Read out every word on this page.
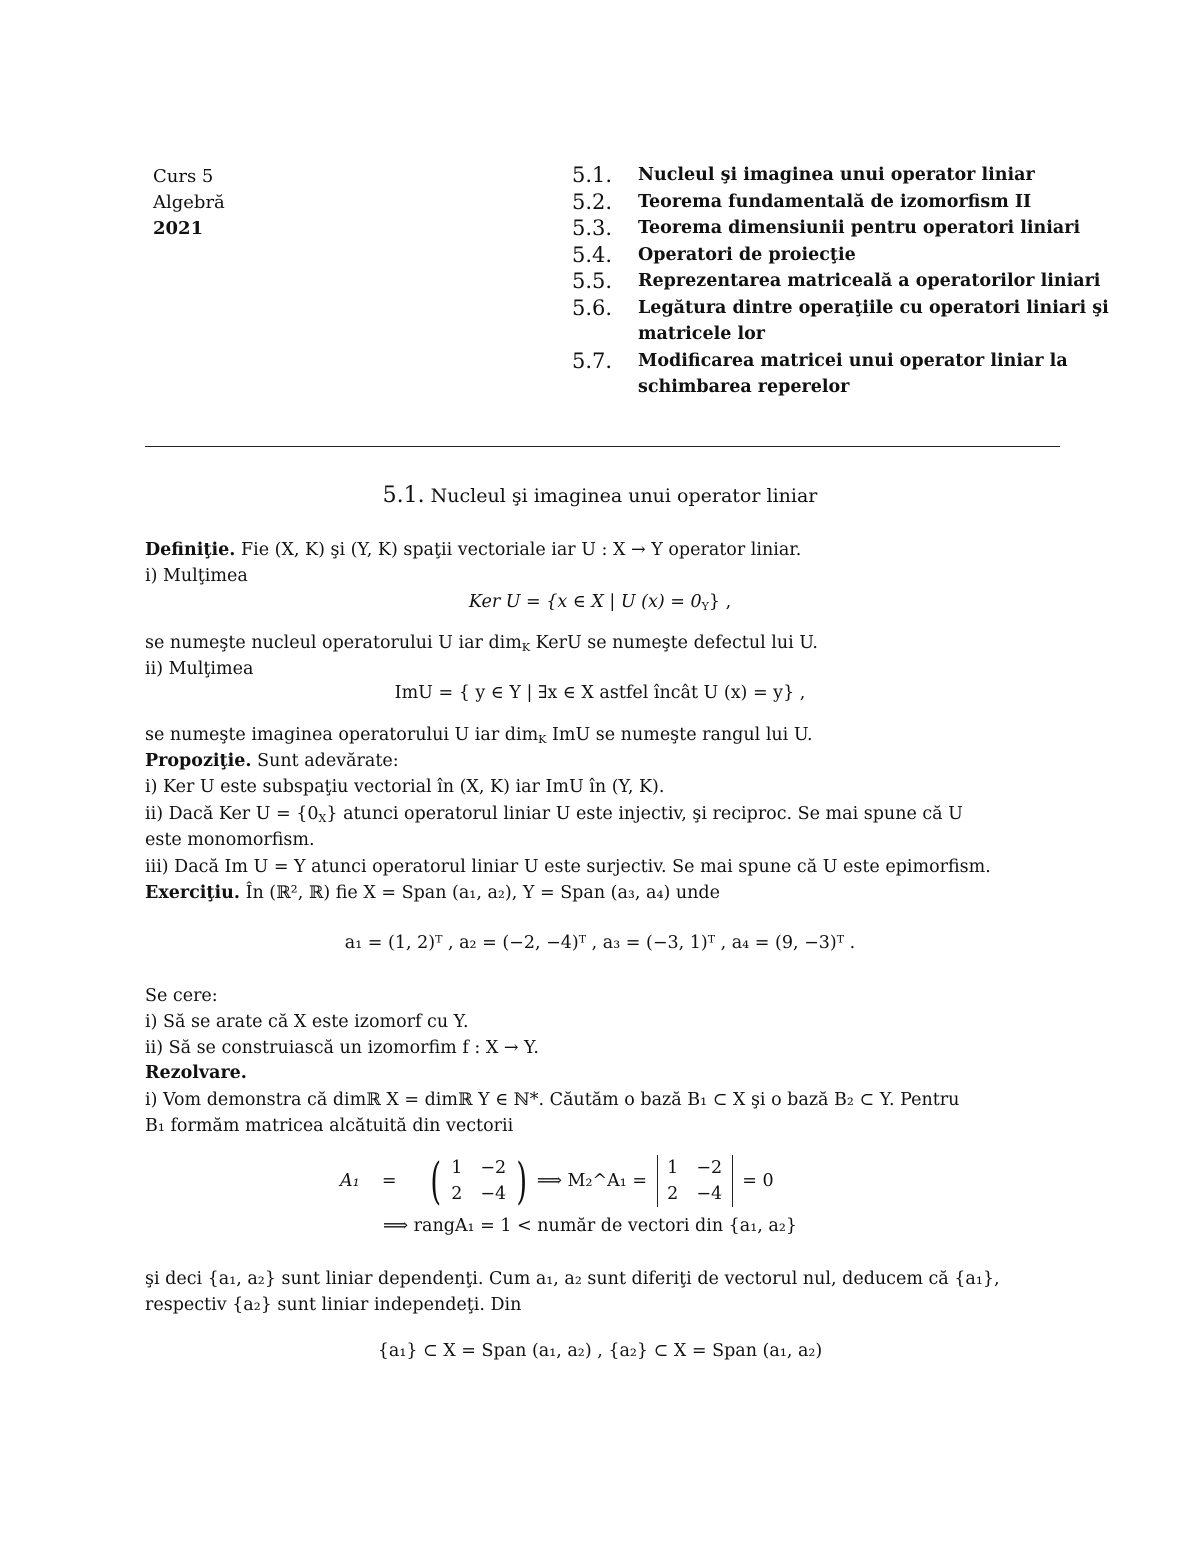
Curs 5
Algebră
2021
5.1.	Nucleul şi imaginea unui operator liniar
5.2.	Teorema fundamentală de izomorfism II
5.3.	Teorema dimensiunii pentru operatori liniari
5.4.	Operatori de proiecţie
5.5.	Reprezentarea matriceală a operatorilor liniari
5.6.	Legătura dintre operaţiile cu operatori liniari şi matricele lor
5.7.	Modificarea matricei unui operator liniar la schimbarea reperelor
5.1. Nucleul şi imaginea unui operator liniar
Definiţie. Fie (X, K) şi (Y, K) spaţii vectoriale iar U : X → Y operator liniar.
i) Mulţimea
Ker U = {x ∈ X | U $(x) = 0_Y$} ,
se numeşte nucleul operatorului U iar dim$_K$ KerU se numeşte defectul lui U.
ii) Mulţimea
ImU = { y ∈ Y | ∃x ∈ X astfel încât U (x) = y} ,
se numeşte imaginea operatorului U iar dim$_K$ ImU se numeşte rangul lui U.
Propoziţie. Sunt adevărate:
i) Ker U este subspaţiu vectorial în (X, K) iar ImU în (Y, K).
ii) Dacă Ker $U = \{0_X\}$ atunci operatorul liniar U este injectiv, şi reciproc. Se mai spune că U
este monomorfism.
iii) Dacă Im U = Y atunci operatorul liniar U este surjectiv. Se mai spune că U este epimorfism.
Exerciţiu. În (ℝ², ℝ) fie X = Span (a₁, a₂), Y = Span (a₃, a₄) unde
a₁ = (1, 2)ᵀ , a₂ = (−2, −4)ᵀ , a₃ = (−3, 1)ᵀ , a₄ = (9, −3)ᵀ .
Se cere:
i) Să se arate că X este izomorf cu Y.
ii) Să se construiască un izomorfim f : X → Y.
Rezolvare.
i) Vom demonstra că dimℝ X = dimℝ Y ∈ ℕ*. Căutăm o bază B₁ ⊂ X şi o bază B₂ ⊂ Y. Pentru
B₁ formăm matricea alcătuită din vectorii
A₁    = ( 1 −2
2 −4 ) ⟹ M₂^A₁ =
1 −2
2 −4
= 0
⟹ rangA₁ = 1 < număr de vectori din {a₁, a₂}
şi deci {a₁, a₂} sunt liniar dependenţi. Cum a₁, a₂ sunt diferiţi de vectorul nul, deducem că {a₁},
respectiv {a₂} sunt liniar independeţi. Din
{a₁} ⊂ X = Span (a₁, a₂) , {a₂} ⊂ X = Span (a₁, a₂)
